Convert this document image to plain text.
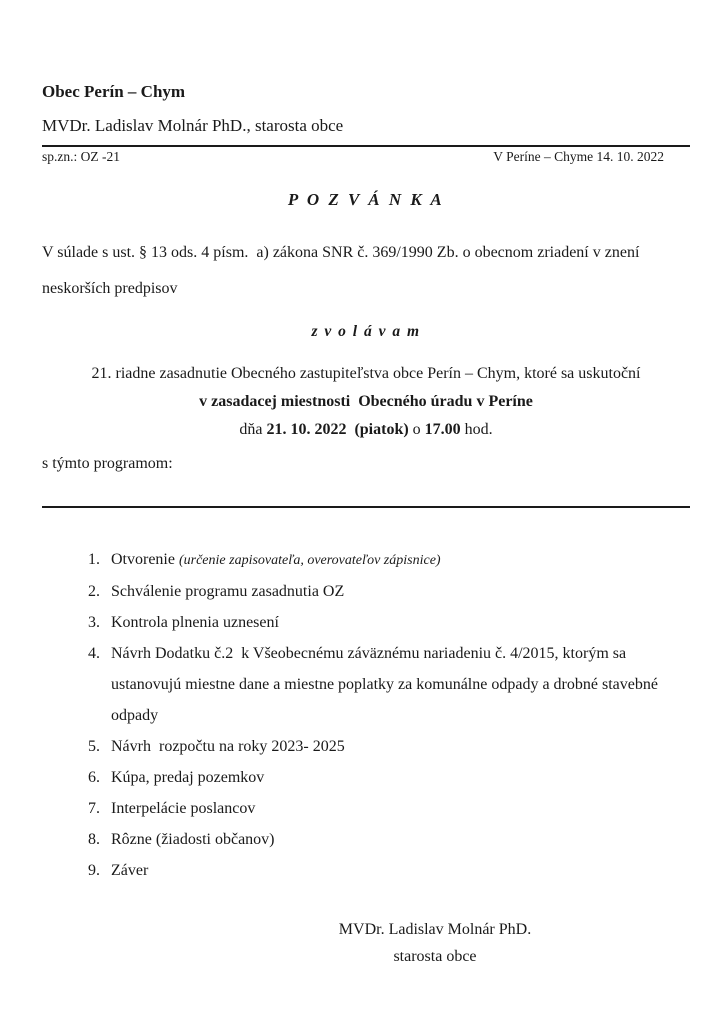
Obec Perín – Chym
MVDr. Ladislav Molnár PhD., starosta obce
sp.zn.: OZ -21	V Períne – Chyme 14. 10. 2022
P O Z V Á N K A

V súlade s ust. § 13 ods. 4 písm.  a) zákona SNR č. 369/1990 Zb. o obecnom zriadení v znení neskorších predpisov

z v o l á v a m
21. riadne zasadnutie Obecného zastupiteľstva obce Perín – Chym, ktoré sa uskutoční
v zasadacej miestnosti  Obecného úradu v Períne
dňa 21. 10. 2022  (piatok) o 17.00 hod.
s týmto programom:
1. Otvorenie (určenie zapisovateľa, overovateľov zápisnice)
2. Schválenie programu zasadnutia OZ
3. Kontrola plnenia uznesení
4. Návrh Dodatku č.2  k Všeobecnému záväznému nariadeniu č. 4/2015, ktorým sa ustanovujú miestne dane a miestne poplatky za komunálne odpady a drobné stavebné odpady
5. Návrh  rozpočtu na roky 2023- 2025
6. Kúpa, predaj pozemkov
7. Interpelácie poslancov
8. Rôzne (žiadosti občanov)
9. Záver
MVDr. Ladislav Molnár PhD.
starosta obce
